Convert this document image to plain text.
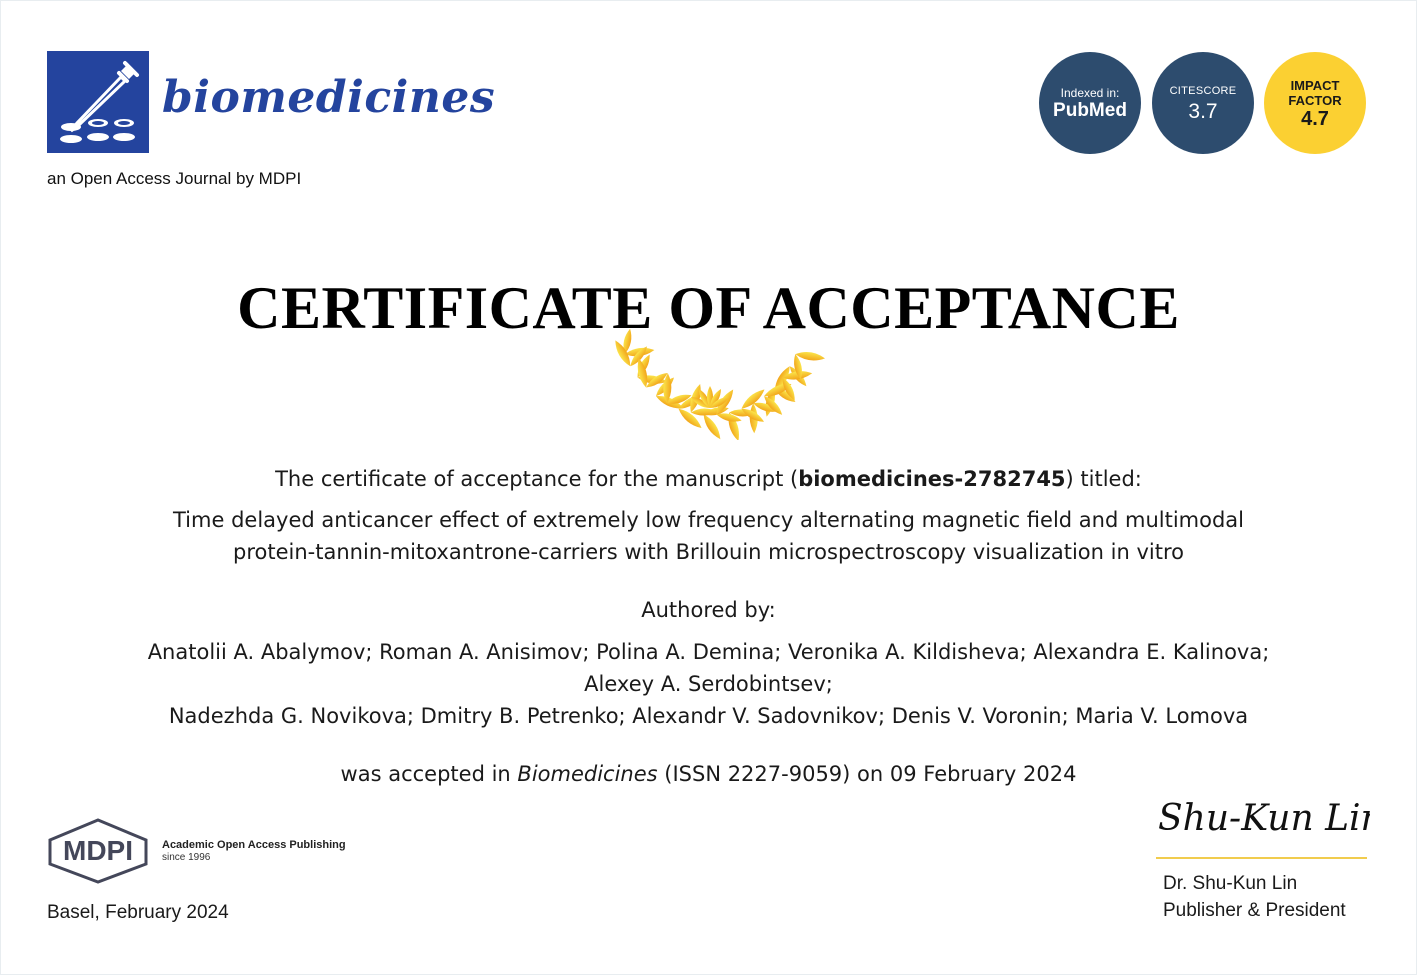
biomedicines
an Open Access Journal by MDPI
Indexed in:
PubMed
CITESCORE
3.7
IMPACT
FACTOR
4.7
CERTIFICATE OF ACCEPTANCE
The certificate of acceptance for the manuscript (biomedicines-2782745) titled:
Time delayed anticancer effect of extremely low frequency alternating magnetic field and multimodal
protein-tannin-mitoxantrone-carriers with Brillouin microspectroscopy visualization in vitro
Authored by:
Anatolii A. Abalymov; Roman A. Anisimov; Polina A. Demina; Veronika A. Kildisheva; Alexandra E. Kalinova;
Alexey A. Serdobintsev;
Nadezhda G. Novikova; Dmitry B. Petrenko; Alexandr V. Sadovnikov; Denis V. Voronin; Maria V. Lomova
was accepted in Biomedicines (ISSN 2227-9059) on 09 February 2024
MDPI	Academic Open Access Publishing
since 1996
Basel, February 2024
Shu-Kun Lin
Dr. Shu-Kun Lin
Publisher & President
